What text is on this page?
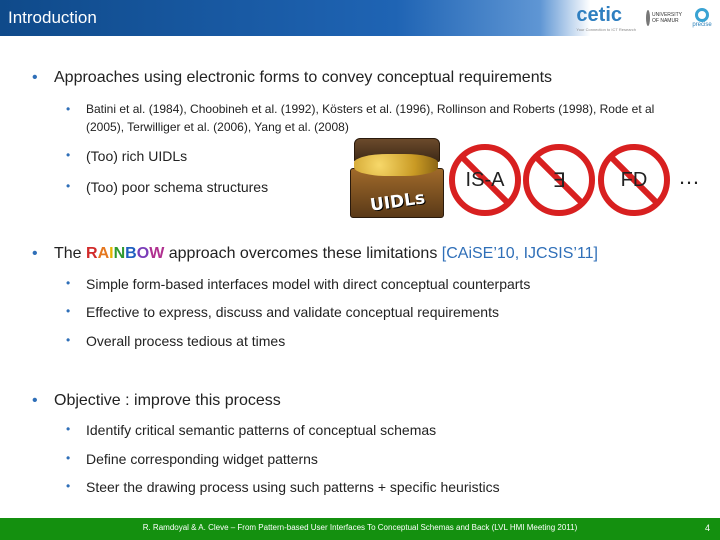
Introduction	cetic
Your Connection to ICT Research
UNIVERSITY OF NAMUR
precise
• Approaches using electronic forms to convey conceptual requirements
• Batini et al. (1984), Choobineh et al. (1992), Kösters et al. (1996), Rollinson and Roberts (1998), Rode et al
(2005), Terwilliger et al. (2006), Yang et al. (2008)
• (Too) rich UIDLs
• (Too) poor schema structures
UIDLs
IS-A	∃	FD	…
• The RAINBOW approach overcomes these limitations [CAiSE’10, IJCSIS’11]
• Simple form-based interfaces model with direct conceptual counterparts
• Effective to express, discuss and validate conceptual requirements
• Overall process tedious at times
• Objective : improve this process
• Identify critical semantic patterns of conceptual schemas
• Define corresponding widget patterns
• Steer the drawing process using such patterns + specific heuristics
R. Ramdoyal & A. Cleve – From Pattern-based User Interfaces To Conceptual Schemas and Back (LVL HMI Meeting 2011)	4
